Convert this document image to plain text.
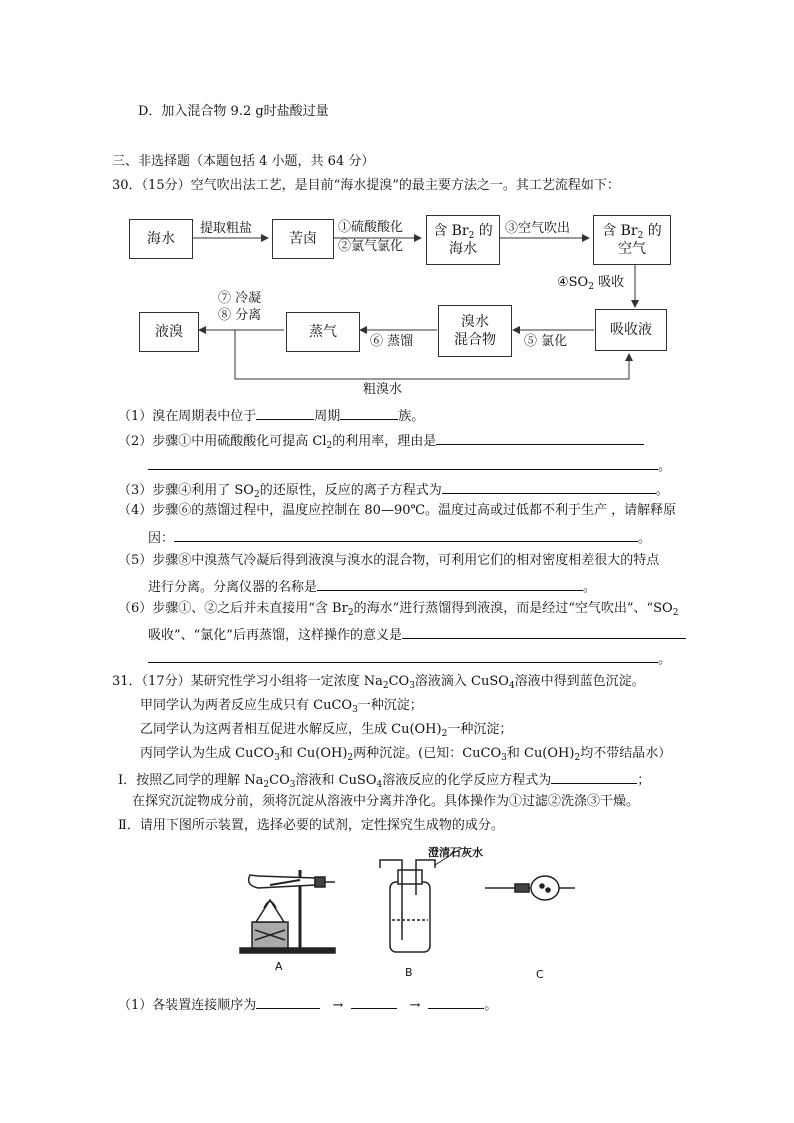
D．加入混合物 9.2 g时盐酸过量
三、非选择题（本题包括 4 小题，共 64 分）
30．（15分）空气吹出法工艺，是目前“海水提溴”的最主要方法之一。其工艺流程如下：
海水
提取粗盐
苦卤
①硫酸酸化
②氯气氯化
含 $Br_2$ 的
海水
③空气吹出 含 $Br_2$ 的
空气
$④SO_2$ 吸收
吸收液
⑤ 氯化
溴水
混合物
⑥ 蒸馏
蒸气
⑦ 冷凝
⑧ 分离
液溴
粗溴水
（1）溴在周期表中位于	周期	族。
（2）步骤①中用硫酸酸化可提高 $Cl_2$的利用率，理由是
。
（3）步骤④利用了 $SO_2$的还原性，反应的离子方程式为	。
（4）步骤⑥的蒸馏过程中，温度应控制在 80—90℃。温度过高或过低都不利于生产 ，请解释原
因：	。
（5）步骤⑧中溴蒸气冷凝后得到液溴与溴水的混合物，可利用它们的相对密度相差很大的特点
进行分离。分离仪器的名称是	。
（6）步骤①、②之后并未直接用“含 $Br_2$的海水”进行蒸馏得到液溴，而是经过“空气吹出”、“$SO_2$
吸收”、“氯化”后再蒸馏，这样操作的意义是
。
31．（17分）某研究性学习小组将一定浓度 $Na_2CO_3$溶液滴入 CuSO$_4$溶液中得到蓝色沉淀。
甲同学认为两者反应生成只有 CuCO$_3$一种沉淀；
乙同学认为这两者相互促进水解反应，生成 $Cu(OH)_2$一种沉淀；
丙同学认为生成 CuCO$_3$和 $Cu(OH)_2$两种沉淀。(已知：CuCO$_3$和 $Cu(OH)_2$均不带结晶水）
Ⅰ．按照乙同学的理解 $Na_2CO_3$溶液和 CuSO$_4$溶液反应的化学反应方程式为	；
在探究沉淀物成分前，须将沉淀从溶液中分离并净化。具体操作为①过滤②洗涤③干燥。
Ⅱ．请用下图所示装置，选择必要的试剂，定性探究生成物的成分。
澄清石灰水
A	B	C
（1）各装置连接顺序为	→	→	。
